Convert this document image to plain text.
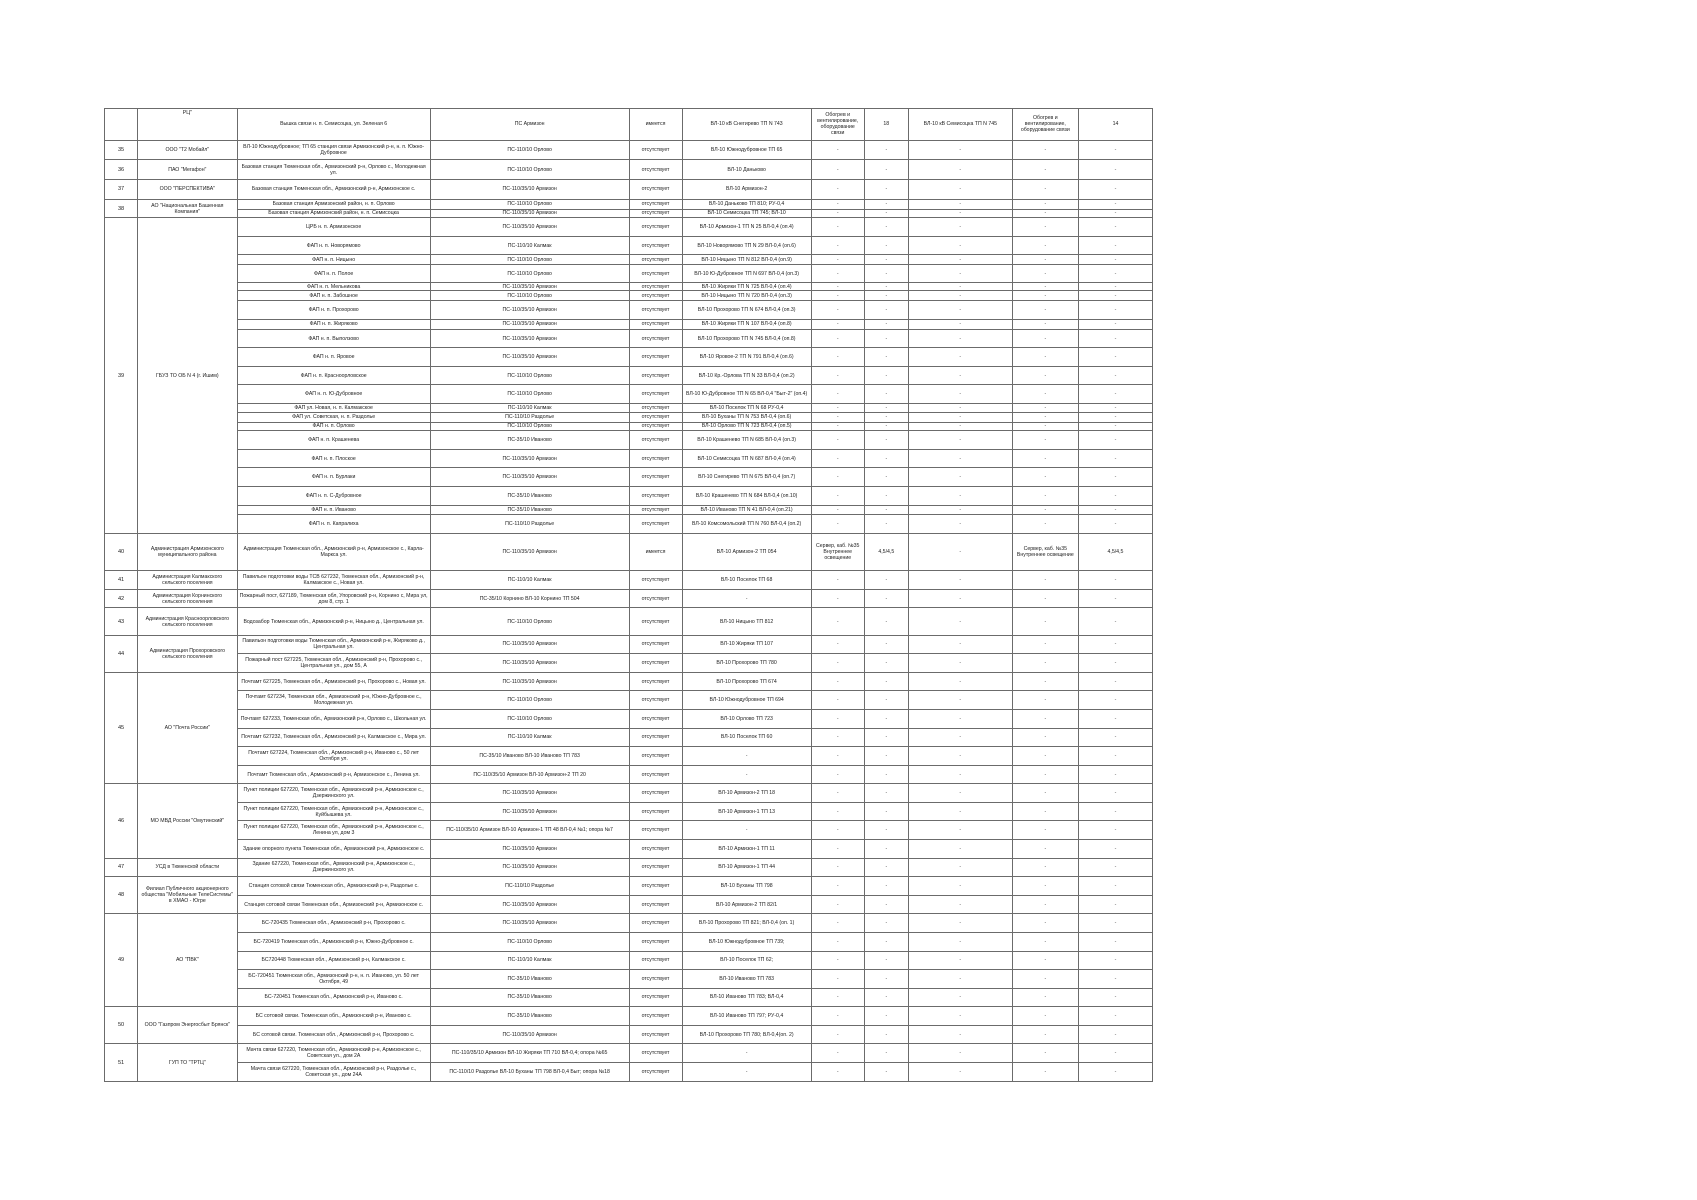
	РЦ"	Вышка связи н. п. Семисоцка, ул. Зеленая 6	ПС Армизон	имеется	ВЛ-10 кВ Снегирево ТП N 743	Обогрев и вентилирование, оборудование связи	18	ВЛ-10 кВ Семисоцка ТП N 745	Обогрев и вентилирование, оборудование связи	14
35	ООО "Т2 Мобайл"	ВЛ-10 Южнодубровное; ТП 65 станция связи Армизонский р-н, н. п. Южно-Дубровное	ПС-110/10 Орлово	отсутствует	ВЛ-10 Южнодубровное ТП 65	-	-	-	-	-
36	ПАО "Мегафон"	Базовая станция Тюменская обл., Армизонский р-н, Орлово с., Молодежная ул.	ПС-110/10 Орлово	отсутствует	ВЛ-10 Даньково	-	-	-	-	-
37	ООО "ПЕРСПЕКТИВА"	Базовая станция Тюменская обл., Армизонский р-н, Армизонское с.	ПС-110/35/10 Армизон	отсутствует	ВЛ-10 Армизон-2	-	-	-	-	-
38	АО "Национальная Башенная Компания"	Базовая станция Армизонский район, н. п. Орлово	ПС-110/10 Орлово	отсутствует	ВЛ-10 Даньково ТП 810; РУ-0,4	-	-	-	-	-
		Базовая станция Армизонский район, н. п. Семисоцка	ПС-110/35/10 Армизон	отсутствует	ВЛ-10 Семисоцка ТП 745; ВЛ-10	-	-	-	-	-
39	ГБУЗ ТО ОБ N 4 (г. Ишим)	ЦРБ н. п. Армизонское	ПС-110/35/10 Армизон	отсутствует	ВЛ-10 Армизон-1 ТП N 25 ВЛ-0,4 (оп.4)	-	-	-	-	-
		ФАП н. п. Новорямово	ПС-110/10 Калмак	отсутствует	ВЛ-10 Новорямово ТП N 29 ВЛ-0,4 (оп.6)	-	-	-	-	-
		ФАП н. п. Ницыно	ПС-110/10 Орлово	отсутствует	ВЛ-10 Ницыно ТП N 812 ВЛ-0,4 (оп.9)	-	-	-	-	-
		ФАП н. п. Полое	ПС-110/10 Орлово	отсутствует	ВЛ-10 Ю-Дубровное ТП N 697 ВЛ-0,4 (оп.3)	-	-	-	-	-
		ФАП н. п. Мельникова	ПС-110/35/10 Армизон	отсутствует	ВЛ-10 Жиряки ТП N 725 ВЛ-0,4 (оп.4)	-	-	-	-	-
		ФАП н. п. Забошное	ПС-110/10 Орлово	отсутствует	ВЛ-10 Ницыно ТП N 720 ВЛ-0,4 (оп.3)	-	-	-	-	-
		ФАП н. п. Прохорово	ПС-110/35/10 Армизон	отсутствует	ВЛ-10 Прохорово ТП N 674 ВЛ-0,4 (оп.3)	-	-	-	-	-
		ФАП н. п. Жиряково	ПС-110/35/10 Армизон	отсутствует	ВЛ-10 Жиряки ТП N 107 ВЛ-0,4 (оп.8)	-	-	-	-	-
		ФАП н. п. Выползово	ПС-110/35/10 Армизон	отсутствует	ВЛ-10 Прохорово ТП N 745 ВЛ-0,4 (оп.8)	-	-	-	-	-
		ФАП н. п. Яровое	ПС-110/35/10 Армизон	отсутствует	ВЛ-10 Яровое-2 ТП N 791 ВЛ-0,4 (оп.6)	-	-	-	-	-
		ФАП н. п. Красноорловское	ПС-110/10 Орлово	отсутствует	ВЛ-10 Кр.-Орлова ТП N 33 ВЛ-0,4 (оп.2)	-	-	-	-	-
		ФАП н. п. Ю-Дубровное	ПС-110/10 Орлово	отсутствует	ВЛ-10 Ю-Дубровное ТП N 65 ВЛ-0,4 "Быт-2" (оп.4)	-	-	-	-	-
		ФАП ул. Новая, н. п. Калмакское	ПС-110/10 Калмак	отсутствует	ВЛ-10 Поселок ТП N 68 РУ-0,4	-	-	-	-	-
		ФАП ул. Советская, н. п. Раздолье	ПС-110/10 Раздолье	отсутствует	ВЛ-10 Буханы ТП N 753 ВЛ-0,4 (оп.6)	-	-	-	-	-
		ФАП н. п. Орлово	ПС-110/10 Орлово	отсутствует	ВЛ-10 Орлово ТП N 723 ВЛ-0,4 (оп.5)	-	-	-	-	-
		ФАП н. п. Крашенева	ПС-35/10 Иваново	отсутствует	ВЛ-10 Крашенево ТП N 685 ВЛ-0,4 (оп.3)	-	-	-	-	-
		ФАП н. п. Плоское	ПС-110/35/10 Армизон	отсутствует	ВЛ-10 Семисоцка ТП N 687 ВЛ-0,4 (оп.4)	-	-	-	-	-
		ФАП н. п. Бурлаки	ПС-110/35/10 Армизон	отсутствует	ВЛ-10 Снегирево ТП N 675 ВЛ-0,4 (оп.7)	-	-	-	-	-
		ФАП н. п. С-Дубровное	ПС-35/10 Иваново	отсутствует	ВЛ-10 Крашенево ТП N 684 ВЛ-0,4 (оп.10)	-	-	-	-	-
		ФАП н. п. Иваново	ПС-35/10 Иваново	отсутствует	ВЛ-10 Иваново ТП N 41 ВЛ-0,4 (оп.21)	-	-	-	-	-
		ФАП н. п. Капралиха	ПС-110/10 Раздолье	отсутствует	ВЛ-10 Комсомольский ТП N 760 ВЛ-0,4 (оп.2)	-	-	-	-	-
40	Администрация Армизонского муниципального района	Администрация Тюменская обл., Армизонский р-н, Армизонское с., Карла-Маркса ул.	ПС-110/35/10 Армизон	имеется	ВЛ-10 Армизон-2 ТП 054	Сервер, каб. №35 Внутреннее освещение	4,5/4,5	-	Сервер, каб. №35 Внутреннее освещение	4,5/4,5
41	Администрация Калмакского сельского поселения	Павильон подготовки воды ТСВ 627232, Тюменская обл., Армизонский р-н, Калмакское с., Новая ул.	ПС-110/10 Калмак	отсутствует	ВЛ-10 Поселок ТП 68	-	-	-	-	-
42	Администрация Корнинского сельского поселения	Пожарный пост, 627189, Тюменская обл, Упоровский р-н, Корнино с, Мира ул, дом 8, стр. 1	ПС-35/10 Корнино ВЛ-10 Корнино ТП 504	отсутствует	-	-	-	-	-	-
43	Администрация Красноорловского сельского поселения	Водозабор Тюменская обл., Армизонский р-н, Ницыно д., Центральная ул.	ПС-110/10 Орлово	отсутствует	ВЛ-10 Ницыно ТП 812	-	-	-	-	-
44	Администрация Прохоровского сельского поселения	Павильон подготовки воды Тюменская обл., Армизонский р-н, Жиряково д., Центральная ул.	ПС-110/35/10 Армизон	отсутствует	ВЛ-10 Жиряки ТП 107	-	-	-	-	-
		Пожарный пост 627225, Тюменская обл., Армизонский р-н, Прохорово с., Центральная ул., дом 55, А	ПС-110/35/10 Армизон	отсутствует	ВЛ-10 Прохорово ТП 780	-	-	-	-	-
45	АО "Почта России"	Почтамт 627225, Тюменская обл., Армизонский р-н, Прохорово с., Новая ул.	ПС-110/35/10 Армизон	отсутствует	ВЛ-10 Прохорово ТП 674	-	-	-	-	-
		Почтамт 627234, Тюменская обл., Армизонский р-н, Южно-Дубровное с., Молодежная ул.	ПС-110/10 Орлово	отсутствует	ВЛ-10 Южнодубровное ТП 694	-	-	-	-	-
		Почтамт 627233, Тюменская обл., Армизонский р-н, Орлово с., Школьная ул.	ПС-110/10 Орлово	отсутствует	ВЛ-10 Орлово ТП 723	-	-	-	-	-
		Почтамт 627232, Тюменская обл., Армизонский р-н, Калмакское с., Мира ул.	ПС-110/10 Калмак	отсутствует	ВЛ-10 Поселок ТП 60	-	-	-	-	-
		Почтамт 627224, Тюменская обл., Армизонский р-н, Иваново с., 50 лет Октября ул.	ПС-35/10 Иваново ВЛ-10 Иваново ТП 783	отсутствует	-	-	-	-	-	-
		Почтамт Тюменская обл., Армизонский р-н, Армизонское с., Ленина ул.	ПС-110/35/10 Армизон ВЛ-10 Армизон-2 ТП 20	отсутствует	-	-	-	-	-	-
46	МО МВД России "Омутинский"	Пункт полиции 627220, Тюменская обл., Армизонский р-н, Армизонское с., Дзержинского ул.	ПС-110/35/10 Армизон	отсутствует	ВЛ-10 Армизон-2 ТП 18	-	-	-	-	-
		Пункт полиции 627220, Тюменская обл., Армизонский р-н, Армизонское с., Куйбышева ул.	ПС-110/35/10 Армизон	отсутствует	ВЛ-10 Армизон-1 ТП 13	-	-	-	-	-
		Пункт полиции 627220, Тюменская обл., Армизонский р-н, Армизонское с., Ленина ул, дом 3	ПС-110/35/10 Армизон ВЛ-10 Армизон-1 ТП 48 ВЛ-0,4 №1; опора №7	отсутствует	-	-	-	-	-	-
		Здание опорного пункта Тюменская обл., Армизонский р-н, Армизонское с.	ПС-110/35/10 Армизон	отсутствует	ВЛ-10 Армизон-1 ТП 11	-	-	-	-	-
47	УСД в Тюменской области	Здание 627220, Тюменская обл., Армизонский р-н, Армизонское с., Дзержинского ул.	ПС-110/35/10 Армизон	отсутствует	ВЛ-10 Армизон-1 ТП 44	-	-	-	-	-
48	Филиал Публичного акционерного общества "Мобильные ТелеСистемы" в ХМАО - Югре	Станция сотовой связи Тюменская обл., Армизонский р-н, Раздолье с.	ПС-110/10 Раздолье	отсутствует	ВЛ-10 Буханы ТП 798	-	-	-	-	-
		Станция сотовой связи Тюменская обл., Армизонский р-н, Армизонское с.	ПС-110/35/10 Армизон	отсутствует	ВЛ-10 Армизон-2 ТП 82/1	-	-	-	-	-
49	АО "ПВК"	БС-720435 Тюменская обл., Армизонский р-н, Прохорово с.	ПС-110/35/10 Армизон	отсутствует	ВЛ-10 Прохорово ТП 821; ВЛ-0,4 (оп. 1)	-	-	-	-	-
		БС-720419 Тюменская обл., Армизонский р-н, Южно-Дубровное с.	ПС-110/10 Орлово	отсутствует	ВЛ-10 Южнодубровное ТП 739;	-	-	-	-	-
		БС720448 Тюменская обл., Армизонский р-н, Калмакское с.	ПС-110/10 Калмак	отсутствует	ВЛ-10 Поселок ТП 62;	-	-	-	-	-
		БС-720451 Тюменская обл., Армизонский р-н, н. п. Иваново, ул. 50 лет Октября, 49	ПС-35/10 Иваново	отсутствует	ВЛ-10 Иваново ТП 783	-	-	-	-	-
		БС-720451 Тюменская обл., Армизонский р-н, Иваново с.	ПС-35/10 Иваново	отсутствует	ВЛ-10 Иваново ТП 783; ВЛ-0,4	-	-	-	-	-
50	ООО "Газпром Энергосбыт Брянск"	БС сотовой связи. Тюменская обл., Армизонский р-н, Иваново с.	ПС-35/10 Иваново	отсутствует	ВЛ-10 Иваново ТП 797; РУ-0,4	-	-	-	-	-
		БС сотовой связи. Тюменская обл., Армизонский р-н, Прохорово с.	ПС-110/35/10 Армизон	отсутствует	ВЛ-10 Прохорово ТП 780; ВЛ-0,4(оп. 2)	-	-	-	-	-
51	ГУП ТО "ТРТЦ"	Мачта связи 627220, Тюменская обл., Армизонский р-н, Армизонское с., Советская ул., дом 2А	ПС-110/35/10 Армизон ВЛ-10 Жиряки ТП 710 ВЛ-0,4; опора №65	отсутствует	-	-	-	-	-	-
		Мачта связи 627220, Тюменская обл., Армизонский р-н, Раздолье с., Советская ул., дом 24А	ПС-110/10 Раздолье ВЛ-10 Буханы ТП 798 ВЛ-0,4 Быт; опора №18	отсутствует	-	-	-	-	-	-
